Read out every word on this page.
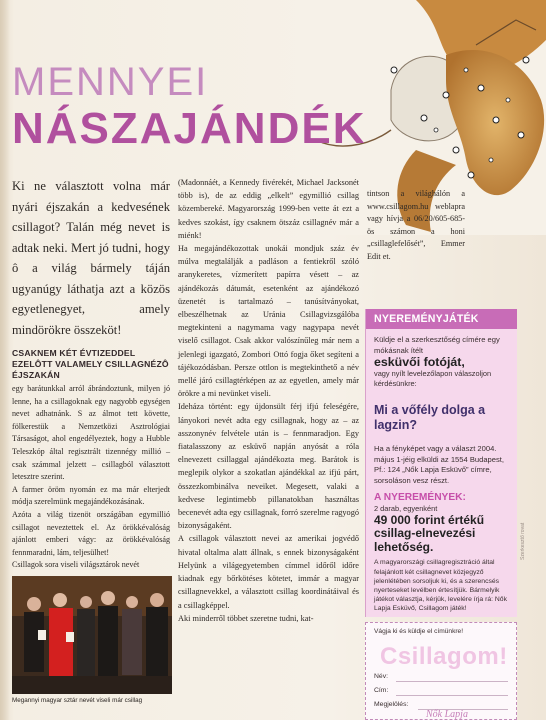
MENNYEI
NÁSZAJÁNDÉK

Ki ne választott volna már nyári éjszakán a kedvesének csillagot? Talán még nevet is adtak neki. Mert jó tudni, hogy ô a világ bármely táján ugyanúgy láthatja azt a közös egyetlenegyet, amely mindörökre összeköt!

CSAKNEM KÉT ÉVTIZEDDEL EZELÔTT VALAMELY CSILLAGNÉZÔ ÉJSZAKÁN

egy barátunkkal arról ábrándoztunk, milyen jó lenne, ha a csillagoknak egy nagyobb egységen nevet adhatnánk. S az álmot tett követte, fölkerestük a Nemzetközi Asztrológiai Társaságot, ahol engedélyeztek, hogy a Hubble Teleszkóp által regisztrált tizennégy millió – csak számmal jelzett – csillagból választott letesztre szerint.

A farmer öröm nyomán ez ma már elterjedt módja szerelmünk megajándékozásának.

Azóta a világ tizenöt országában egymillió csillagot neveztettek el. Az örökkévalóság ajánlott emberi vágy: az örökkévalóság fennmaradni, lám, teljesülhet!

Csillagok sora viseli világsztárok nevét

(Madonnáét, a Kennedy fivérekét, Michael Jacksonét több is), de az eddig „elkelt” egymillió csillag közembereké. Magyarország 1999-ben vette át ezt a kedves szokást, így csaknem ötszáz csillagnév már a miénk!

Ha megajándékozottak unokái mondjuk száz év múlva megtalálják a padláson a fentiekről szóló aranykeretes, vízmerített papírra vésett – az ajándékozás dátumát, esetenként az ajándékozó üzenetét is tartalmazó – tanúsítványokat, elbeszélhetnak az Uránia Csillagvizsgálóba megtekinteni a nagymama vagy nagypapa nevét viselő csillagot. Csak akkor valószínűleg már nem a jelenlegi igazgató, Zombori Ottó fogja őket segíteni a tájékozódásban. Persze ottlon is megtekinthető a név mellé járó csillagtérképen az az egyetlen, amely már örökre a mi nevünket viseli.

Ideháza történt: egy újdonsült férj ifjú feleségére, lányokori nevét adta egy csillagnak, hogy az – az asszonynév felvétele után is – fennmaradjon. Egy fiatalasszony az esküvő napján anyósát a róla elnevezett csillaggal ajándékozta meg. Barátok is meglepik olykor a szokatlan ajándékkal az ifjú párt, összezkombinálva neveiket. Megesett, valaki a kedvese legintimebb pillanatokban használtas becenevét adta egy csillagnak, forró szerelme ragyogó bizonyságaként.

A csillagok választott nevei az amerikai jogvédő hivatal oltalma alatt állnak, s ennek bizonyságaként Helyünk a világegyetemben címmel időről időre kiadnak egy bőrkötéses kötetet, immár a magyar csillagnevekkel, a választott csillag koordinátáival és a csillagképpel.

Aki minderről többet szeretne tudni, kat-

tintson a világhálón a www.csillagom.hu weblapra vagy hívja a 06/20/605-685-ös számon a honi „csillaglefelősét”, Emmer Edit et.

Megannyi magyar sztár nevét viseli már csillag
Szerkesztő rovat
NYEREMÉNYJÁTÉK
Küldje el a szerkesztőség címére egy mókásnak ítélt
esküvői fotóját,
vagy nyílt levelezőlapon válaszoljon kérdésünkre:
Mi a vőfély dolga a lagzin?
Ha a fényképet vagy a választ 2004. május 1-jéig elküldi az 1554 Budapest, Pf.: 124 „Nők Lapja Esküvő” címre, sorsoláson vesz részt.
A NYEREMÉNYEK:
2 darab, egyenként
49 000 forint értékű csillag-elnevezési lehetőség.
A magyarországi csillagregisztráció által felajánlott két csillagnevet közjegyző jelenlétében sorsoljuk ki, és a szerencsés nyerteseket levélben értesítjük. Bármelyik játékot választja, kérjük, levelére írja rá: Nők Lapja Esküvő, Csillagom játék!
Vágja ki és küldje el címünkre!
Csillagom!
Név:
Cím:
Megjelölés:
Nők Lapja
